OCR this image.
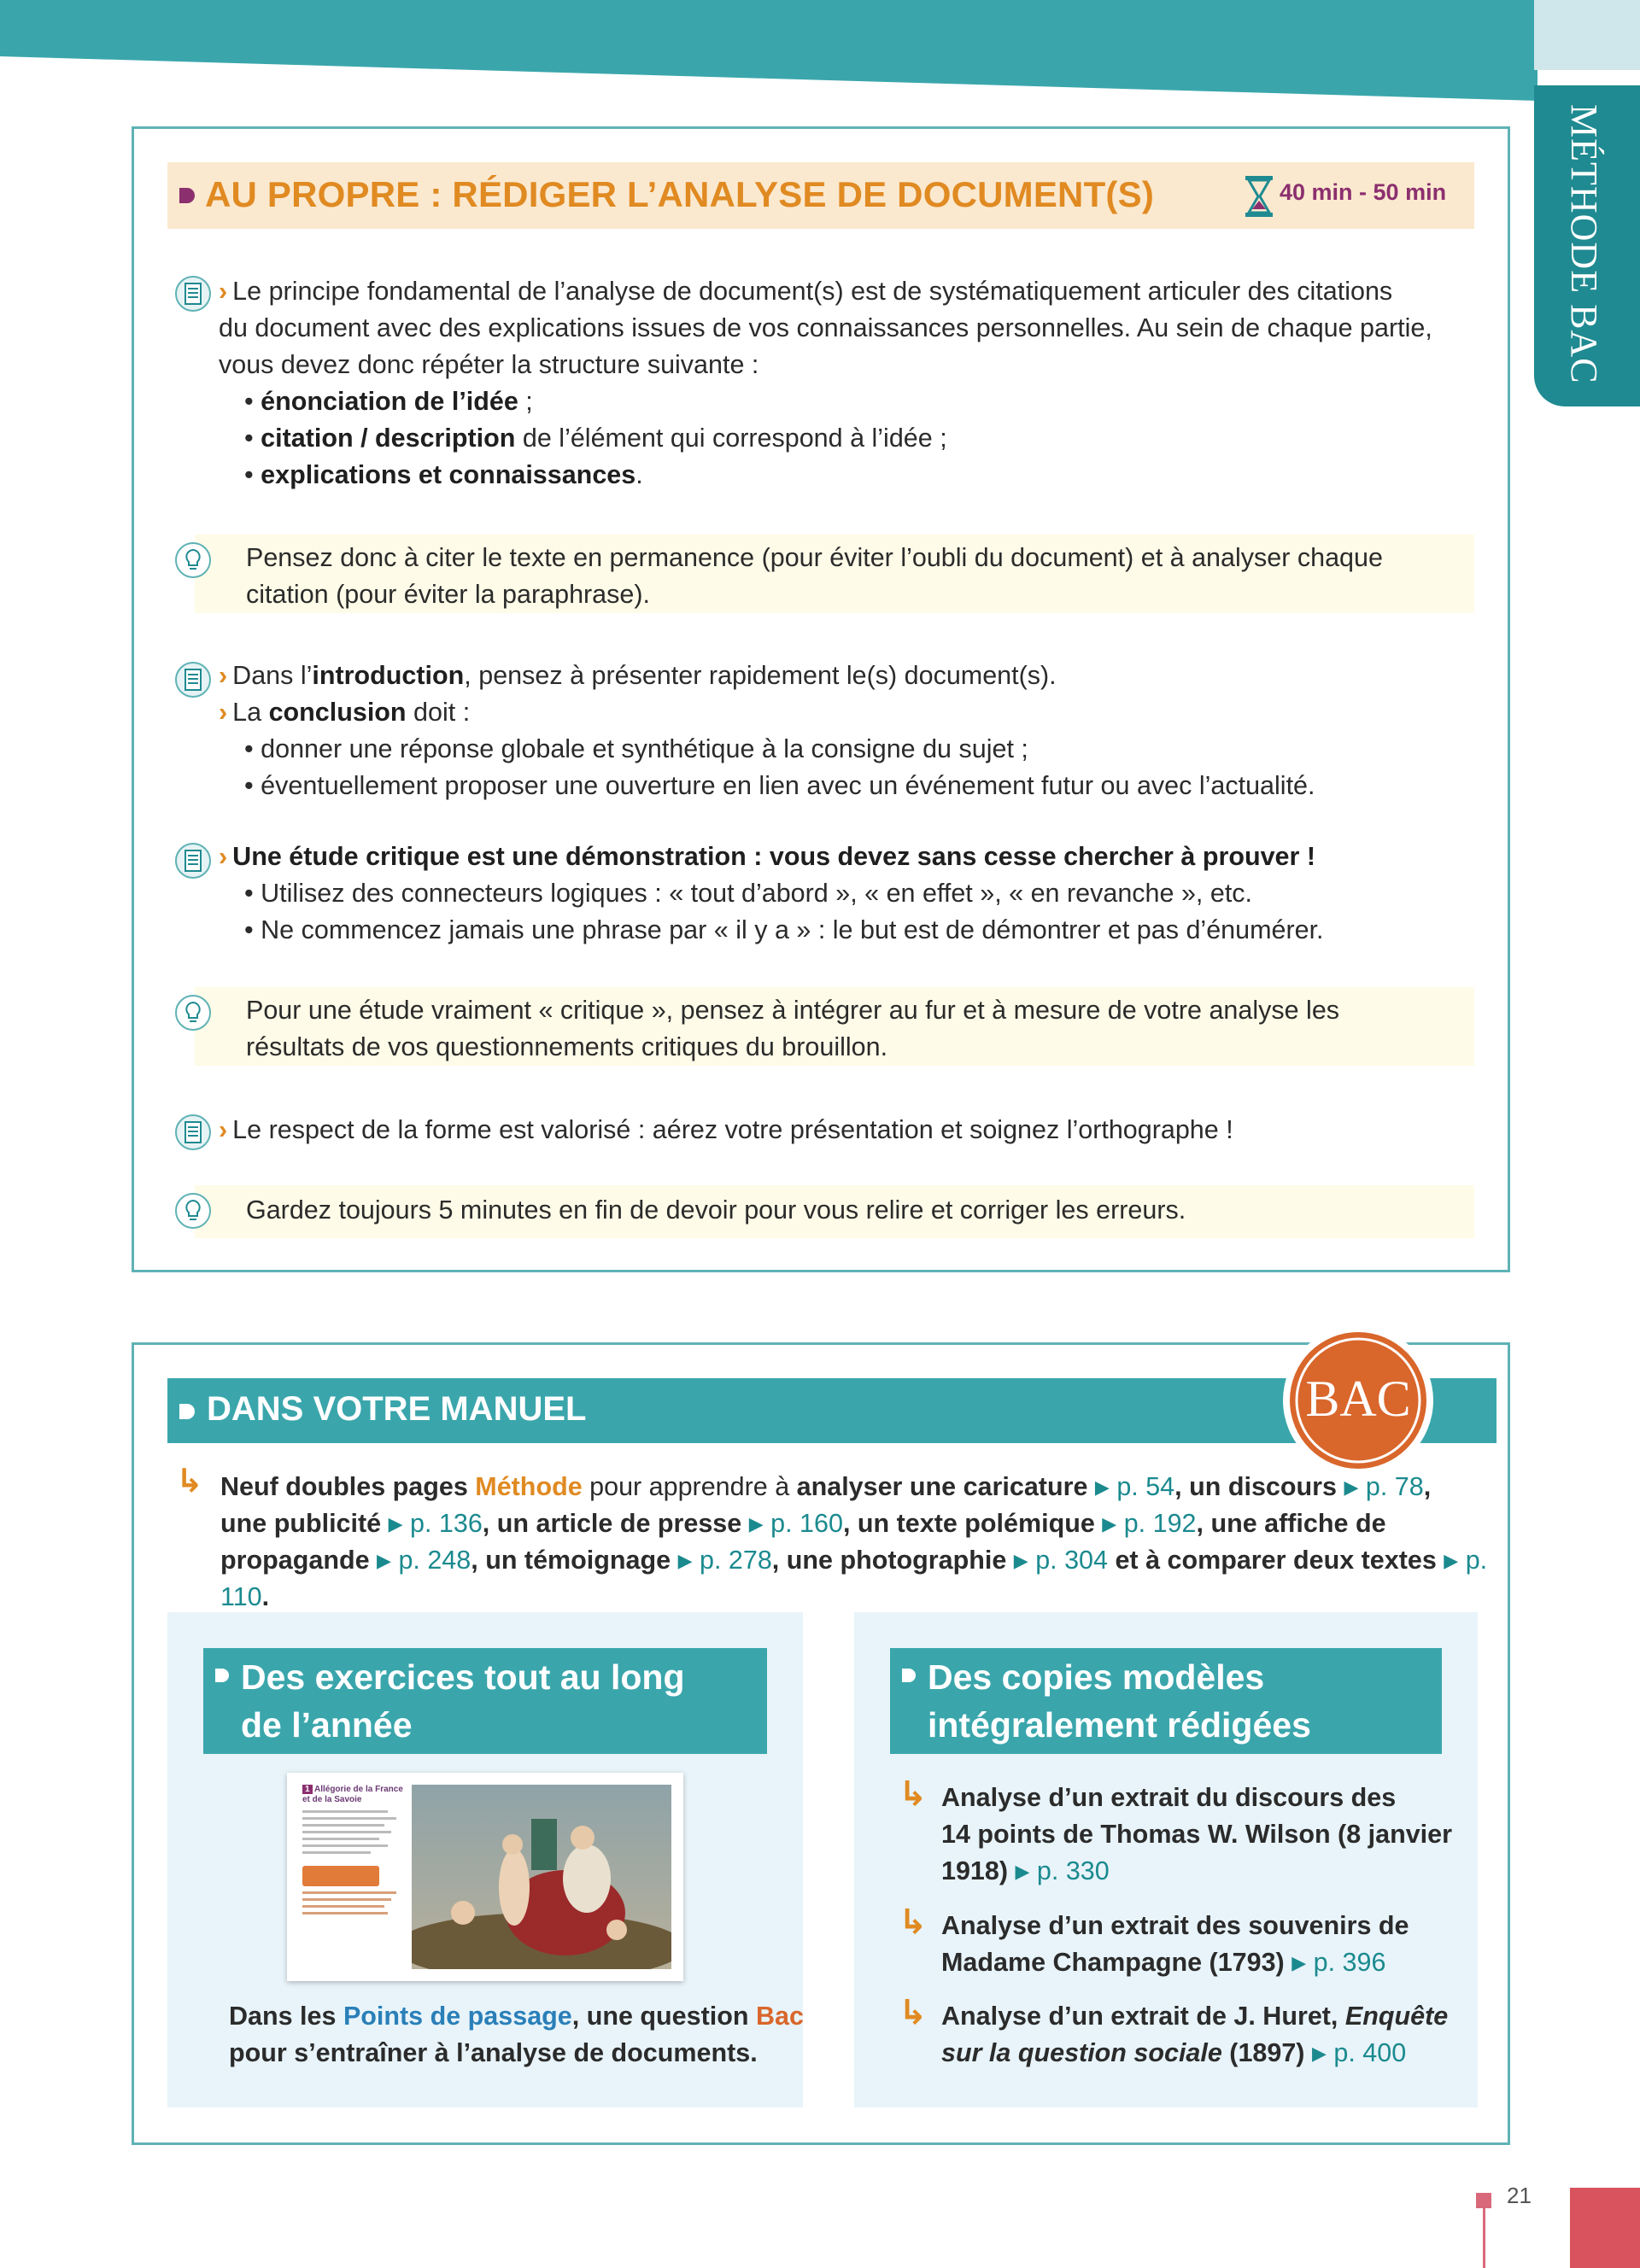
MÉTHODE BAC
AU PROPRE : RÉDIGER L’ANALYSE DE DOCUMENT(S)	40 min - 50 min
› Le principe fondamental de l’analyse de document(s) est de systématiquement articuler des citations
du document avec des explications issues de vos connaissances personnelles. Au sein de chaque partie,
vous devez donc répéter la structure suivante :
• énonciation de l’idée ;
• citation / description de l’élément qui correspond à l’idée ;
• explications et connaissances.
Pensez donc à citer le texte en permanence (pour éviter l’oubli du document) et à analyser chaque
citation (pour éviter la paraphrase).
› Dans l’introduction, pensez à présenter rapidement le(s) document(s).
› La conclusion doit :
• donner une réponse globale et synthétique à la consigne du sujet ;
• éventuellement proposer une ouverture en lien avec un événement futur ou avec l’actualité.
› Une étude critique est une démonstration : vous devez sans cesse chercher à prouver !
• Utilisez des connecteurs logiques : « tout d’abord », « en effet », « en revanche », etc.
• Ne commencez jamais une phrase par « il y a » : le but est de démontrer et pas d’énumérer.
Pour une étude vraiment « critique », pensez à intégrer au fur et à mesure de votre analyse les
résultats de vos questionnements critiques du brouillon.
› Le respect de la forme est valorisé : aérez votre présentation et soignez l’orthographe !
Gardez toujours 5 minutes en fin de devoir pour vous relire et corriger les erreurs.
DANS VOTRE MANUEL	BAC
↳ Neuf doubles pages Méthode pour apprendre à analyser une caricature ▶ p. 54, un discours ▶ p. 78,
une publicité ▶ p. 136, un article de presse ▶ p. 160, un texte polémique ▶ p. 192, une affiche de
propagande ▶ p. 248, un témoignage ▶ p. 278, une photographie ▶ p. 304 et à comparer deux textes ▶ p. 110.
Des exercices tout au long
de l’année
1 Allégorie de la France et de la Savoie
Dans les Points de passage, une question Bac
pour s’entraîner à l’analyse de documents.
Des copies modèles
intégralement rédigées
↳ Analyse d’un extrait du discours des
14 points de Thomas W. Wilson (8 janvier
1918) ▶ p. 330
↳ Analyse d’un extrait des souvenirs de
Madame Champagne (1793) ▶ p. 396
↳ Analyse d’un extrait de J. Huret, Enquête
sur la question sociale (1897) ▶ p. 400
21
